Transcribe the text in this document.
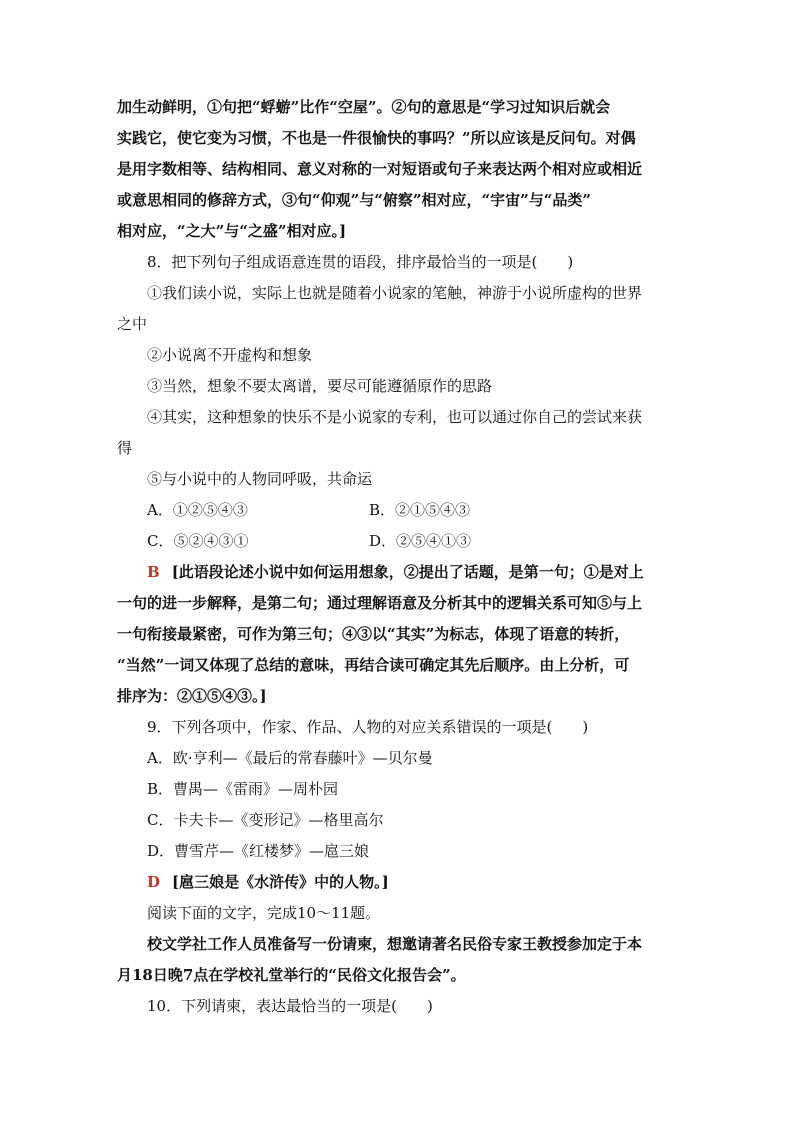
加生动鲜明，①句把“蜉蝣”比作“空屋”。②句的意思是“学习过知识后就会
实践它，使它变为习惯，不也是一件很愉快的事吗？”所以应该是反问句。对偶
是用字数相等、结构相同、意义对称的一对短语或句子来表达两个相对应或相近
或意思相同的修辞方式，③句“仰观”与“俯察”相对应，“宇宙”与“品类”
相对应，“之大”与“之盛”相对应。]
8．把下列句子组成语意连贯的语段，排序最恰当的一项是(　　)
①我们读小说，实际上也就是随着小说家的笔触，神游于小说所虚构的世界
之中
②小说离不开虚构和想象
③当然，想象不要太离谱，要尽可能遵循原作的思路
④其实，这种想象的快乐不是小说家的专利，也可以通过你自己的尝试来获
得
⑤与小说中的人物同呼吸，共命运
A．①②⑤④③	B．②①⑤④③
C．⑤②④③①	D．②⑤④①③
B [此语段论述小说中如何运用想象，②提出了话题，是第一句；①是对上
一句的进一步解释，是第二句；通过理解语意及分析其中的逻辑关系可知⑤与上
一句衔接最紧密，可作为第三句；④③以“其实”为标志，体现了语意的转折，
“当然”一词又体现了总结的意味，再结合读可确定其先后顺序。由上分析，可
排序为：②①⑤④③。]
9．下列各项中，作家、作品、人物的对应关系错误的一项是(　　)
A．欧·亨利—《最后的常春藤叶》—贝尔曼
B．曹禺—《雷雨》—周朴园
C．卡夫卡—《变形记》—格里高尔
D．曹雪芹—《红楼梦》—扈三娘
D [扈三娘是《水浒传》中的人物。]
阅读下面的文字，完成10～11题。
校文学社工作人员准备写一份请柬，想邀请著名民俗专家王教授参加定于本
月18日晚7点在学校礼堂举行的“民俗文化报告会”。
10．下列请柬，表达最恰当的一项是(　　)
